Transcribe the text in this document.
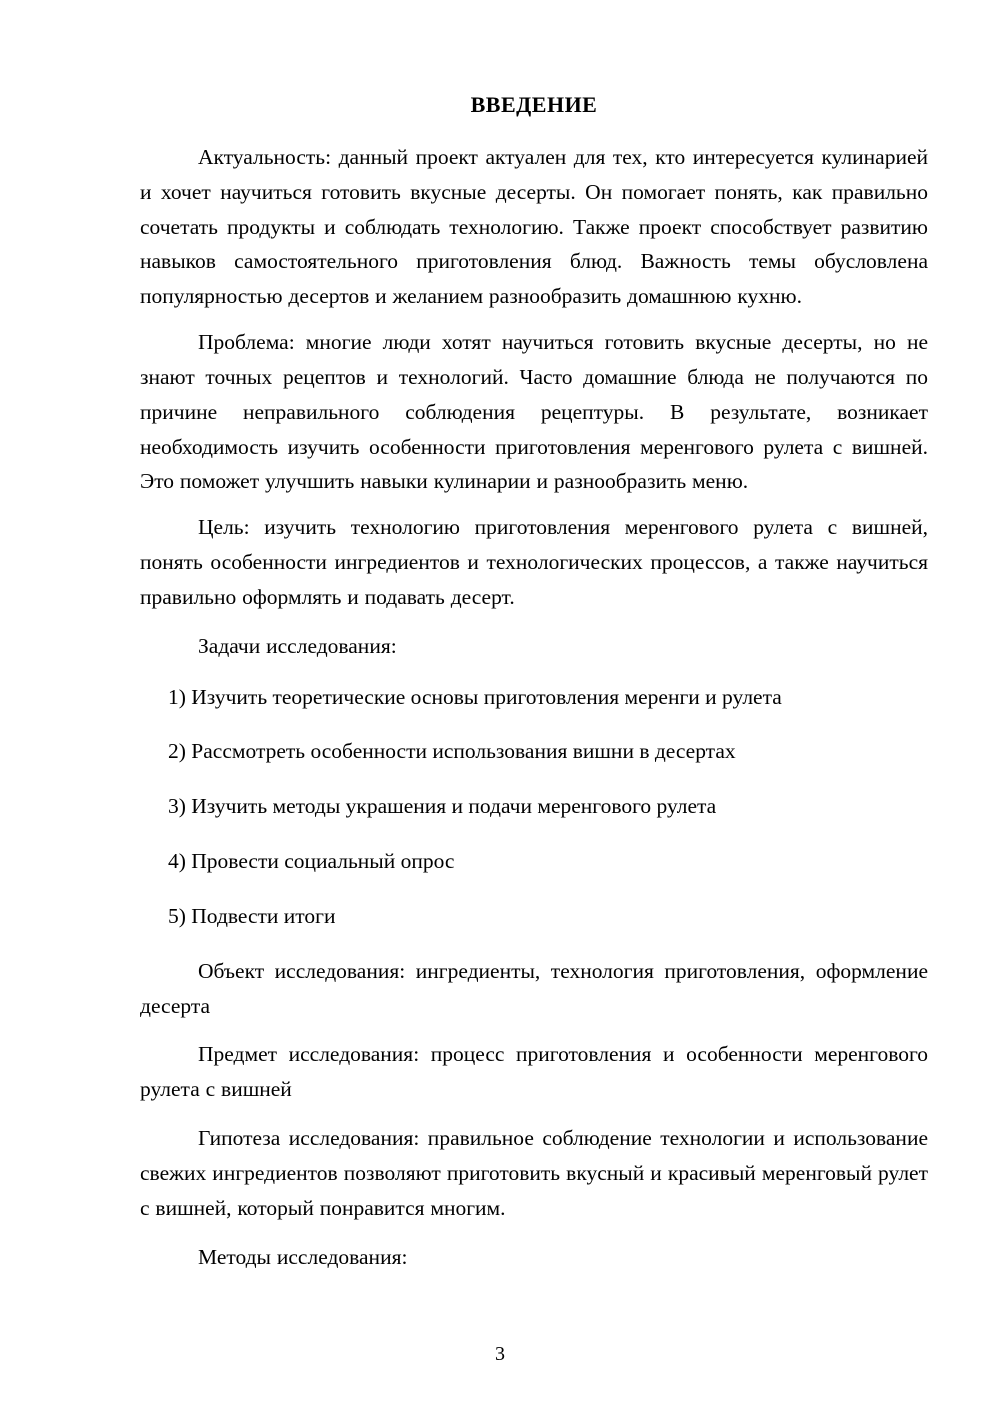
ВВЕДЕНИЕ

Актуальность: данный проект актуален для тех, кто интересуется кулинарией и хочет научиться готовить вкусные десерты. Он помогает понять, как правильно сочетать продукты и соблюдать технологию. Также проект способствует развитию навыков самостоятельного приготовления блюд. Важность темы обусловлена популярностью десертов и желанием разнообразить домашнюю кухню.

Проблема: многие люди хотят научиться готовить вкусные десерты, но не знают точных рецептов и технологий. Часто домашние блюда не получаются по причине неправильного соблюдения рецептуры. В результате, возникает необходимость изучить особенности приготовления меренгового рулета с вишней. Это поможет улучшить навыки кулинарии и разнообразить меню.

Цель: изучить технологию приготовления меренгового рулета с вишней, понять особенности ингредиентов и технологических процессов, а также научиться правильно оформлять и подавать десерт.

Задачи исследования:

1) Изучить теоретические основы приготовления меренги и рулета

2) Рассмотреть особенности использования вишни в десертах

3) Изучить методы украшения и подачи меренгового рулета

4) Провести социальный опрос

5) Подвести итоги

Объект исследования: ингредиенты, технология приготовления, оформление десерта

Предмет исследования: процесс приготовления и особенности меренгового рулета с вишней

Гипотеза исследования: правильное соблюдение технологии и использование свежих ингредиентов позволяют приготовить вкусный и красивый меренговый рулет с вишней, который понравится многим.

Методы исследования:

3
